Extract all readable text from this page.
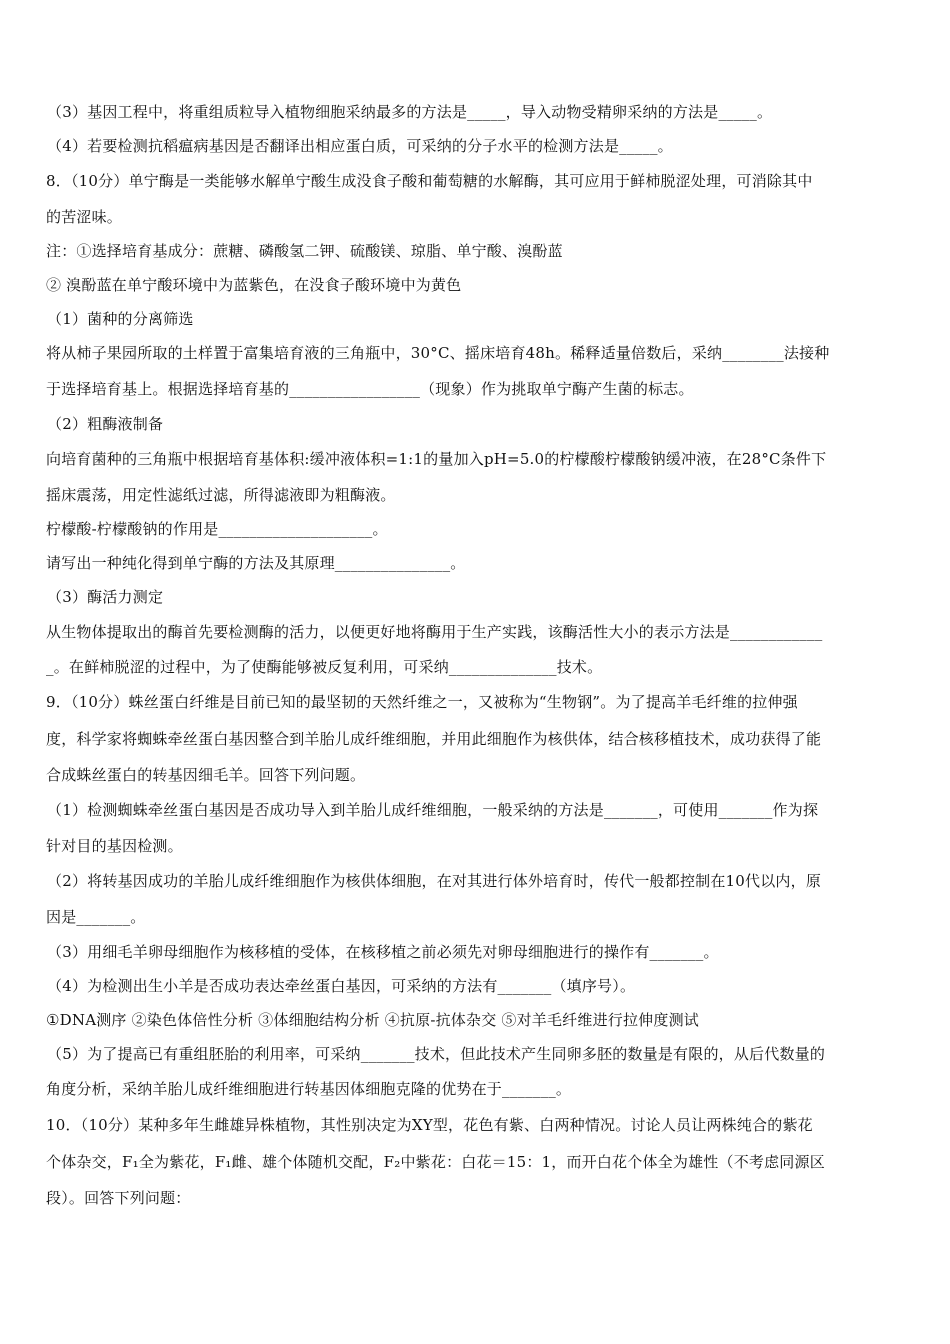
（3）基因工程中，将重组质粒导入植物细胞采纳最多的方法是_____，导入动物受精卵采纳的方法是_____。
（4）若要检测抗稻瘟病基因是否翻译出相应蛋白质，可采纳的分子水平的检测方法是_____。
8．（10分）单宁酶是一类能够水解单宁酸生成没食子酸和葡萄糖的水解酶，其可应用于鲜柿脱涩处理，可消除其中
的苦涩味。
注：①选择培育基成分：蔗糖、磷酸氢二钾、硫酸镁、琼脂、单宁酸、溴酚蓝
② 溴酚蓝在单宁酸环境中为蓝紫色，在没食子酸环境中为黄色
（1）菌种的分离筛选
将从柿子果园所取的土样置于富集培育液的三角瓶中，30°C、摇床培育48h。稀释适量倍数后，采纳________法接种
于选择培育基上。根据选择培育基的_________________（现象）作为挑取单宁酶产生菌的标志。
（2）粗酶液制备
向培育菌种的三角瓶中根据培育基体积:缓冲液体积=1:1的量加入pH=5.0的柠檬酸柠檬酸钠缓冲液，在28°C条件下
摇床震荡，用定性滤纸过滤，所得滤液即为粗酶液。
柠檬酸-柠檬酸钠的作用是____________________。
请写出一种纯化得到单宁酶的方法及其原理_______________。
（3）酶活力测定
从生物体提取出的酶首先要检测酶的活力，以便更好地将酶用于生产实践，该酶活性大小的表示方法是____________
_。在鲜柿脱涩的过程中，为了使酶能够被反复利用，可采纳______________技术。
9．（10分）蛛丝蛋白纤维是目前已知的最坚韧的天然纤维之一，又被称为“生物钢”。为了提高羊毛纤维的拉伸强
度，科学家将蜘蛛牵丝蛋白基因整合到羊胎儿成纤维细胞，并用此细胞作为核供体，结合核移植技术，成功获得了能
合成蛛丝蛋白的转基因细毛羊。回答下列问题。
（1）检测蜘蛛牵丝蛋白基因是否成功导入到羊胎儿成纤维细胞，一般采纳的方法是_______，可使用_______作为探
针对目的基因检测。
（2）将转基因成功的羊胎儿成纤维细胞作为核供体细胞，在对其进行体外培育时，传代一般都控制在10代以内，原
因是_______。
（3）用细毛羊卵母细胞作为核移植的受体，在核移植之前必须先对卵母细胞进行的操作有_______。
（4）为检测出生小羊是否成功表达牵丝蛋白基因，可采纳的方法有_______（填序号）。
①DNA测序 ②染色体倍性分析 ③体细胞结构分析 ④抗原-抗体杂交 ⑤对羊毛纤维进行拉伸度测试
（5）为了提高已有重组胚胎的利用率，可采纳_______技术，但此技术产生同卵多胚的数量是有限的，从后代数量的
角度分析，采纳羊胎儿成纤维细胞进行转基因体细胞克隆的优势在于_______。
10．（10分）某种多年生雌雄异株植物，其性别决定为XY型，花色有紫、白两种情况。讨论人员让两株纯合的紫花
个体杂交，F₁全为紫花，F₁雌、雄个体随机交配，F₂中紫花：白花＝15：1，而开白花个体全为雄性（不考虑同源区
段）。回答下列问题：
